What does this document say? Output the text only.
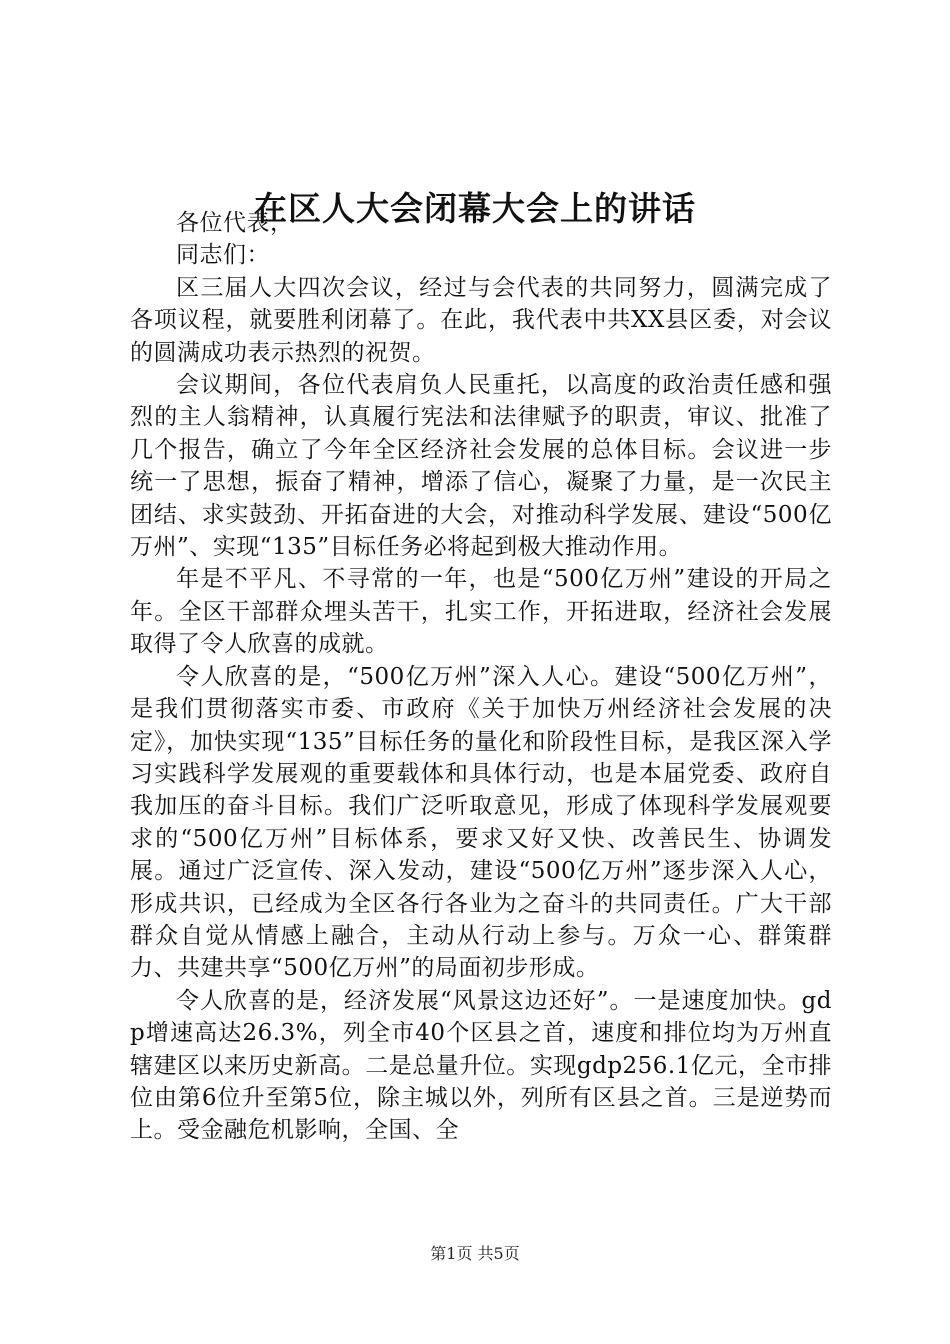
在区人大会闭幕大会上的讲话

各位代表，

同志们：

区三届人大四次会议，经过与会代表的共同努力，圆满完成了各项议程，就要胜利闭幕了。在此，我代表中共XX县区委，对会议的圆满成功表示热烈的祝贺。

会议期间，各位代表肩负人民重托，以高度的政治责任感和强烈的主人翁精神，认真履行宪法和法律赋予的职责，审议、批准了几个报告，确立了今年全区经济社会发展的总体目标。会议进一步统一了思想，振奋了精神，增添了信心，凝聚了力量，是一次民主团结、求实鼓劲、开拓奋进的大会，对推动科学发展、建设“500亿万州”、实现“135”目标任务必将起到极大推动作用。

年是不平凡、不寻常的一年，也是“500亿万州”建设的开局之年。全区干部群众埋头苦干，扎实工作，开拓进取，经济社会发展取得了令人欣喜的成就。

令人欣喜的是，“500亿万州”深入人心。建设“500亿万州”，是我们贯彻落实市委、市政府《关于加快万州经济社会发展的决定》，加快实现“135”目标任务的量化和阶段性目标，是我区深入学习实践科学发展观的重要载体和具体行动，也是本届党委、政府自我加压的奋斗目标。我们广泛听取意见，形成了体现科学发展观要求的“500亿万州”目标体系，要求又好又快、改善民生、协调发展。通过广泛宣传、深入发动，建设“500亿万州”逐步深入人心，形成共识，已经成为全区各行各业为之奋斗的共同责任。广大干部群众自觉从情感上融合，主动从行动上参与。万众一心、群策群力、共建共享“500亿万州”的局面初步形成。

令人欣喜的是，经济发展“风景这边还好”。一是速度加快。gdp增速高达26.3%，列全市40个区县之首，速度和排位均为万州直辖建区以来历史新高。二是总量升位。实现gdp256.1亿元，全市排位由第6位升至第5位，除主城以外，列所有区县之首。三是逆势而上。受金融危机影响，全国、全

第1页 共5页
